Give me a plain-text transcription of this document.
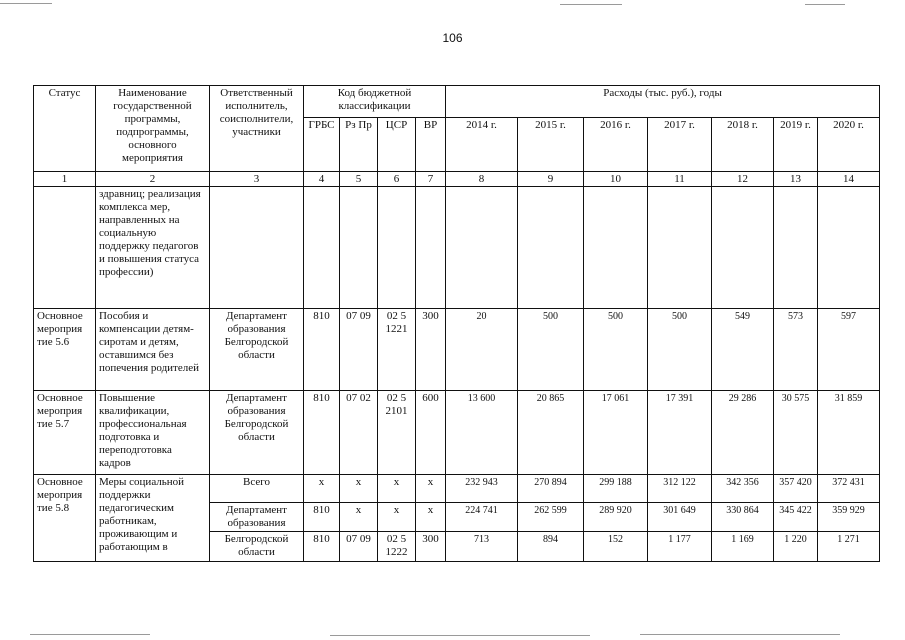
106
Статус	Наименование государственной программы, подпрограммы, основного мероприятия	Ответственный исполнитель, соисполнители, участники	Код бюджетной классификации				Расходы (тыс. руб.), годы						
			ГРБС	Рз Пр	ЦСР	ВР	2014 г.	2015 г.	2016 г.	2017 г.	2018 г.	2019 г.	2020 г.
1	2	3	4	5	6	7	8	9	10	11	12	13	14
	здравниц; реализация комплекса мер, направленных на социальную поддержку педагогов и повышения статуса профессии)												
Основное мероприя тие 5.6	Пособия и компенсации детям-сиротам и детям, оставшимся без попечения родителей	Департамент образования Белгородской области	810	07 09	02 5 1221	300	20	500	500	500	549	573	597
Основное мероприя тие 5.7	Повышение квалификации, профессиональная подготовка и переподготовка кадров	Департамент образования Белгородской области	810	07 02	02 5 2101	600	13 600	20 865	17 061	17 391	29 286	30 575	31 859
Основное мероприя тие 5.8	Меры социальной поддержки педагогическим работникам, проживающим и работающим в	Всего	x	x	x	x	232 943	270 894	299 188	312 122	342 356	357 420	372 431
		Департамент образования	810	x	x	x	224 741	262 599	289 920	301 649	330 864	345 422	359 929
		Белгородской области	810	07 09	02 5 1222	300	713	894	152	1 177	1 169	1 220	1 271
